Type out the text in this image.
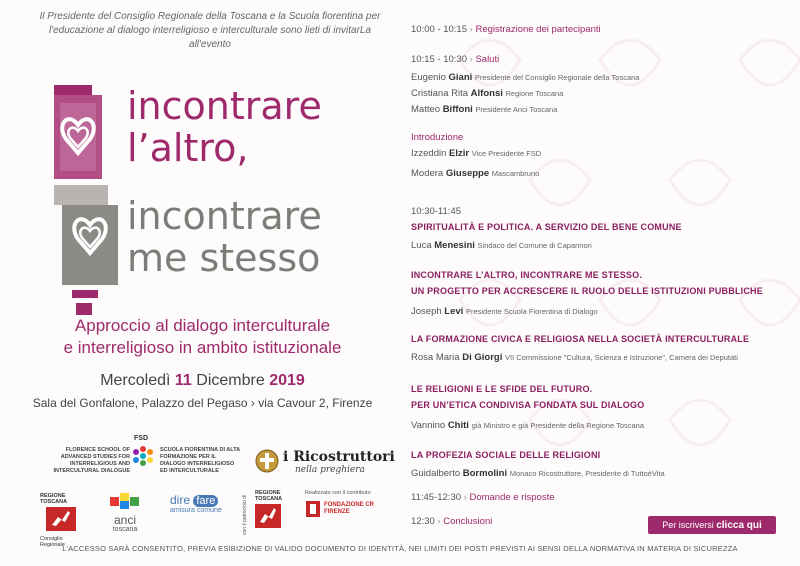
Il Presidente del Consiglio Regionale della Toscana e la Scuola fiorentina per l'educazione al dialogo interreligioso e interculturale sono lieti di invitarLa all'evento
incontrare
l’altro,
incontrare
me stesso
Approccio al dialogo interculturale
e interreligioso in ambito istituzionale
Mercoledì 11 Dicembre 2019
Sala del Gonfalone, Palazzo del Pegaso › via Cavour 2, Firenze
FSD
FLORENCE SCHOOL OF ADVANCED STUDIES FOR INTERRELIGIOUS AND INTERCULTURAL DIALOGUE
SCUOLA FIORENTINA DI ALTA FORMAZIONE PER IL DIALOGO INTERRELIGIOSO ED INTERCULTURALE
i Ricostruttori
nella preghiera
REGIONE TOSCANA
Consiglio Regionale
anci
toscana
dire fare
amisura comune
REGIONE TOSCANA
Realizzato con il contributo
FONDAZIONE CR FIRENZE
con il patrocinio di
10:00 - 10:15 › Registrazione dei partecipanti
10:15 - 10:30 › Saluti
Eugenio Giani Presidente del Consiglio Regionale della Toscana
Cristiana Rita Alfonsi Regione Toscana
Matteo Biffoni Presidente Anci Toscana
Introduzione
Izzeddin Elzir Vice Presidente FSD
Modera Giuseppe Mascambruno
10:30-11:45
SPIRITUALITÀ E POLITICA. A SERVIZIO DEL BENE COMUNE
Luca Menesini Sindaco del Comune di Capannori
INCONTRARE L’ALTRO, INCONTRARE ME STESSO.
UN PROGETTO PER ACCRESCERE IL RUOLO DELLE ISTITUZIONI PUBBLICHE
Joseph Levi Presidente Scuola Fiorentina di Dialogo
LA FORMAZIONE CIVICA E RELIGIOSA NELLA SOCIETÀ INTERCULTURALE
Rosa Maria Di Giorgi VII Commissione "Cultura, Scienza e Istruzione", Camera dei Deputati
LE RELIGIONI E LE SFIDE DEL FUTURO.
PER UN’ETICA CONDIVISA FONDATA SUL DIALOGO
Vannino Chiti già Ministro e già Presidente della Regione Toscana
LA PROFEZIA SOCIALE DELLE RELIGIONI
Guidalberto Bormolini Monaco Ricostruttore, Presidente di TuttoèVita
11:45-12:30 › Domande e risposte
12:30 › Conclusioni	Per iscriversi clicca qui
L’ACCESSO SARÀ CONSENTITO, PREVIA ESIBIZIONE DI VALIDO DOCUMENTO DI IDENTITÀ, NEI LIMITI DEI POSTI PREVISTI AI SENSI DELLA NORMATIVA IN MATERIA DI SICUREZZA
